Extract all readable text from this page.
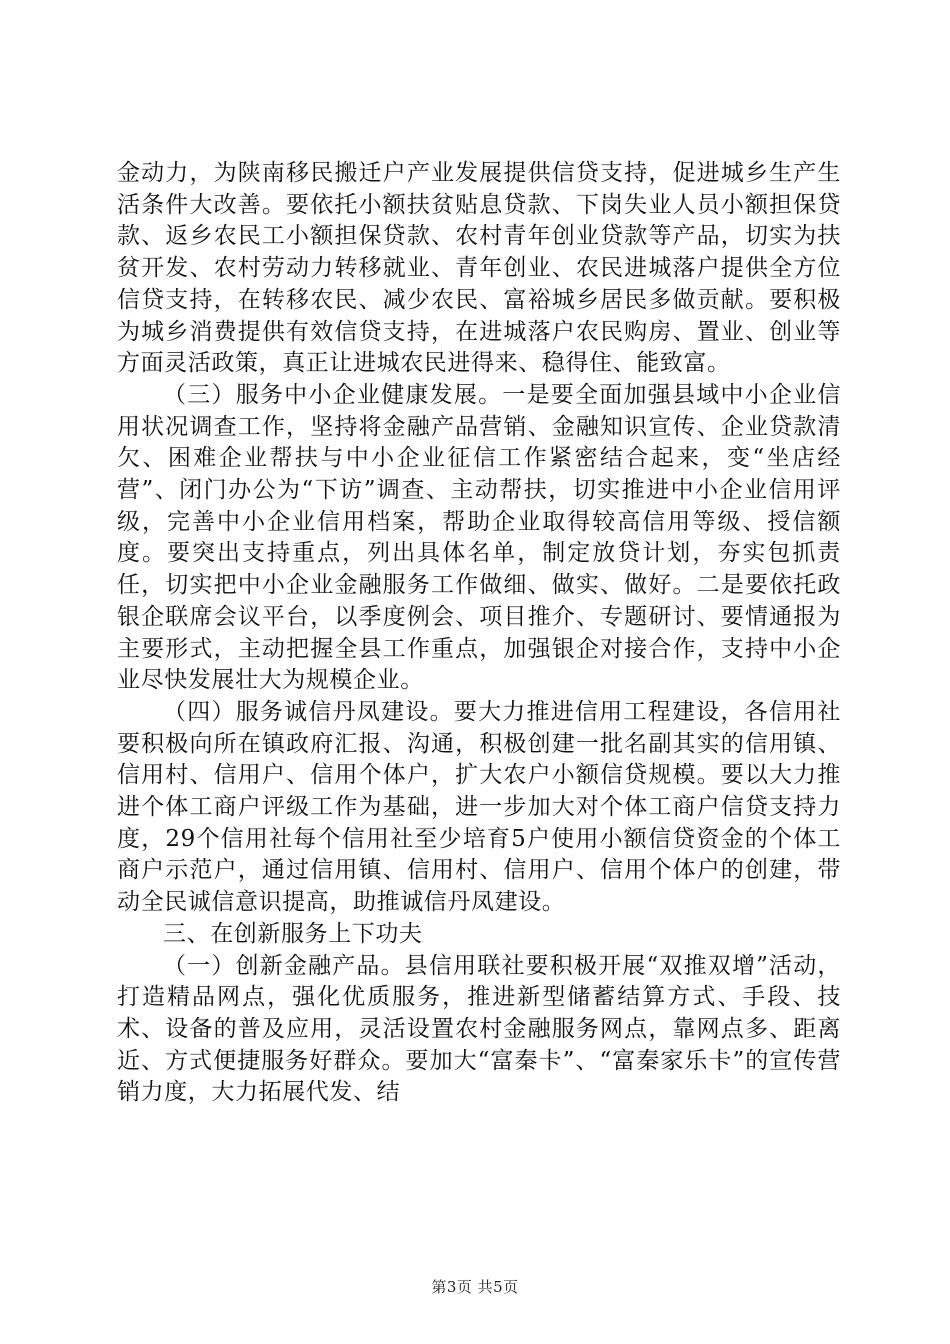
金动力，为陕南移民搬迁户产业发展提供信贷支持，促进城乡生产生活条件大改善。要依托小额扶贫贴息贷款、下岗失业人员小额担保贷款、返乡农民工小额担保贷款、农村青年创业贷款等产品，切实为扶贫开发、农村劳动力转移就业、青年创业、农民进城落户提供全方位信贷支持，在转移农民、减少农民、富裕城乡居民多做贡献。要积极为城乡消费提供有效信贷支持，在进城落户农民购房、置业、创业等方面灵活政策，真正让进城农民进得来、稳得住、能致富。

（三）服务中小企业健康发展。一是要全面加强县域中小企业信用状况调查工作，坚持将金融产品营销、金融知识宣传、企业贷款清欠、困难企业帮扶与中小企业征信工作紧密结合起来，变“坐店经营”、闭门办公为“下访”调查、主动帮扶，切实推进中小企业信用评级，完善中小企业信用档案，帮助企业取得较高信用等级、授信额度。要突出支持重点，列出具体名单，制定放贷计划，夯实包抓责任，切实把中小企业金融服务工作做细、做实、做好。二是要依托政银企联席会议平台，以季度例会、项目推介、专题研讨、要情通报为主要形式，主动把握全县工作重点，加强银企对接合作，支持中小企业尽快发展壮大为规模企业。

（四）服务诚信丹凤建设。要大力推进信用工程建设，各信用社要积极向所在镇政府汇报、沟通，积极创建一批名副其实的信用镇、信用村、信用户、信用个体户，扩大农户小额信贷规模。要以大力推进个体工商户评级工作为基础，进一步加大对个体工商户信贷支持力度，29个信用社每个信用社至少培育5户使用小额信贷资金的个体工商户示范户，通过信用镇、信用村、信用户、信用个体户的创建，带动全民诚信意识提高，助推诚信丹凤建设。

三、在创新服务上下功夫

（一）创新金融产品。县信用联社要积极开展“双推双增”活动，打造精品网点，强化优质服务，推进新型储蓄结算方式、手段、技术、设备的普及应用，灵活设置农村金融服务网点，靠网点多、距离近、方式便捷服务好群众。要加大“富秦卡”、“富秦家乐卡”的宣传营销力度，大力拓展代发、结

第3页 共5页
